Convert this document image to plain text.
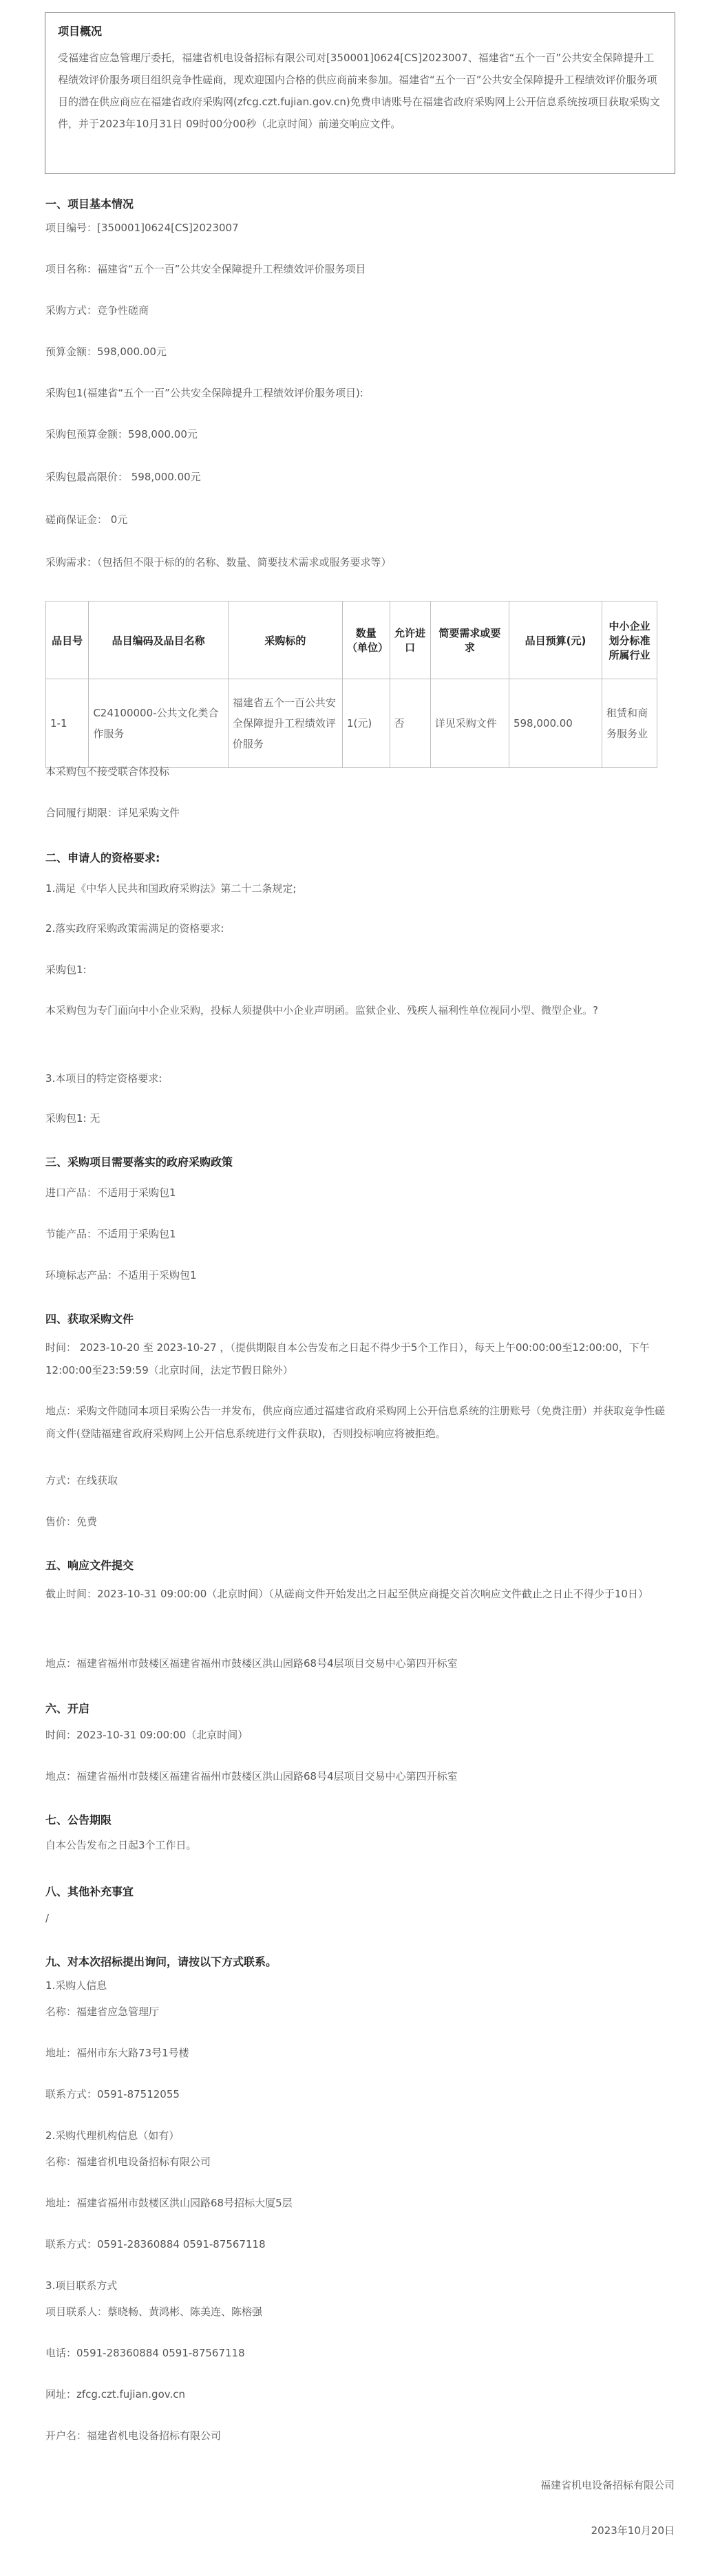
项目概况

受福建省应急管理厅委托，福建省机电设备招标有限公司对[350001]0624[CS]2023007、福建省“五个一百”公共安全保障提升工程绩效评价服务项目组织竞争性磋商，现欢迎国内合格的供应商前来参加。福建省“五个一百”公共安全保障提升工程绩效评价服务项目的潜在供应商应在福建省政府采购网(zfcg.czt.fujian.gov.cn)免费申请账号在福建省政府采购网上公开信息系统按项目获取采购文件，并于2023年10月31日 09时00分00秒（北京时间）前递交响应文件。

一、项目基本情况
项目编号：[350001]0624[CS]2023007
项目名称：福建省“五个一百”公共安全保障提升工程绩效评价服务项目
采购方式：竞争性磋商
预算金额：598,000.00元
采购包1(福建省“五个一百”公共安全保障提升工程绩效评价服务项目):
采购包预算金额：598,000.00元
采购包最高限价： 598,000.00元
磋商保证金： 0元
采购需求：（包括但不限于标的的名称、数量、简要技术需求或服务要求等）
品目号	品目编码及品目名称	采购标的	数量（单位）	允许进口	简要需求或要求	品目预算(元)	中小企业划分标准所属行业
1-1	C24100000-公共文化类合作服务	福建省五个一百公共安全保障提升工程绩效评价服务	1(元)	否	详见采购文件	598,000.00	租赁和商务服务业
本采购包不接受联合体投标
合同履行期限：详见采购文件
二、申请人的资格要求:
1.满足《中华人民共和国政府采购法》第二十二条规定;
2.落实政府采购政策需满足的资格要求:
采购包1:
本采购包为专门面向中小企业采购，投标人须提供中小企业声明函。监狱企业、残疾人福利性单位视同小型、微型企业。?
3.本项目的特定资格要求:
采购包1: 无
三、采购项目需要落实的政府采购政策
进口产品：不适用于采购包1
节能产品：不适用于采购包1
环境标志产品：不适用于采购包1
四、获取采购文件
时间： 2023-10-20 至 2023-10-27 ，（提供期限自本公告发布之日起不得少于5个工作日），每天上午00:00:00至12:00:00，下午12:00:00至23:59:59（北京时间，法定节假日除外）
地点：采购文件随同本项目采购公告一并发布，供应商应通过福建省政府采购网上公开信息系统的注册账号（免费注册）并获取竞争性磋商文件(登陆福建省政府采购网上公开信息系统进行文件获取)，否则投标响应将被拒绝。
方式：在线获取
售价：免费
五、响应文件提交
截止时间：2023-10-31 09:00:00（北京时间）（从磋商文件开始发出之日起至供应商提交首次响应文件截止之日止不得少于10日）
地点：福建省福州市鼓楼区福建省福州市鼓楼区洪山园路68号4层项目交易中心第四开标室
六、开启
时间：2023-10-31 09:00:00（北京时间）
地点：福建省福州市鼓楼区福建省福州市鼓楼区洪山园路68号4层项目交易中心第四开标室
七、公告期限
自本公告发布之日起3个工作日。
八、其他补充事宜
/
九、对本次招标提出询问，请按以下方式联系。
1.采购人信息
名称：福建省应急管理厅
地址：福州市东大路73号1号楼
联系方式：0591-87512055
2.采购代理机构信息（如有）
名称：福建省机电设备招标有限公司
地址：福建省福州市鼓楼区洪山园路68号招标大厦5层
联系方式：0591-28360884 0591-87567118
3.项目联系方式
项目联系人：蔡晓畅、黄鸿彬、陈美连、陈榕强
电话：0591-28360884 0591-87567118
网址：zfcg.czt.fujian.gov.cn
开户名：福建省机电设备招标有限公司
福建省机电设备招标有限公司
2023年10月20日
